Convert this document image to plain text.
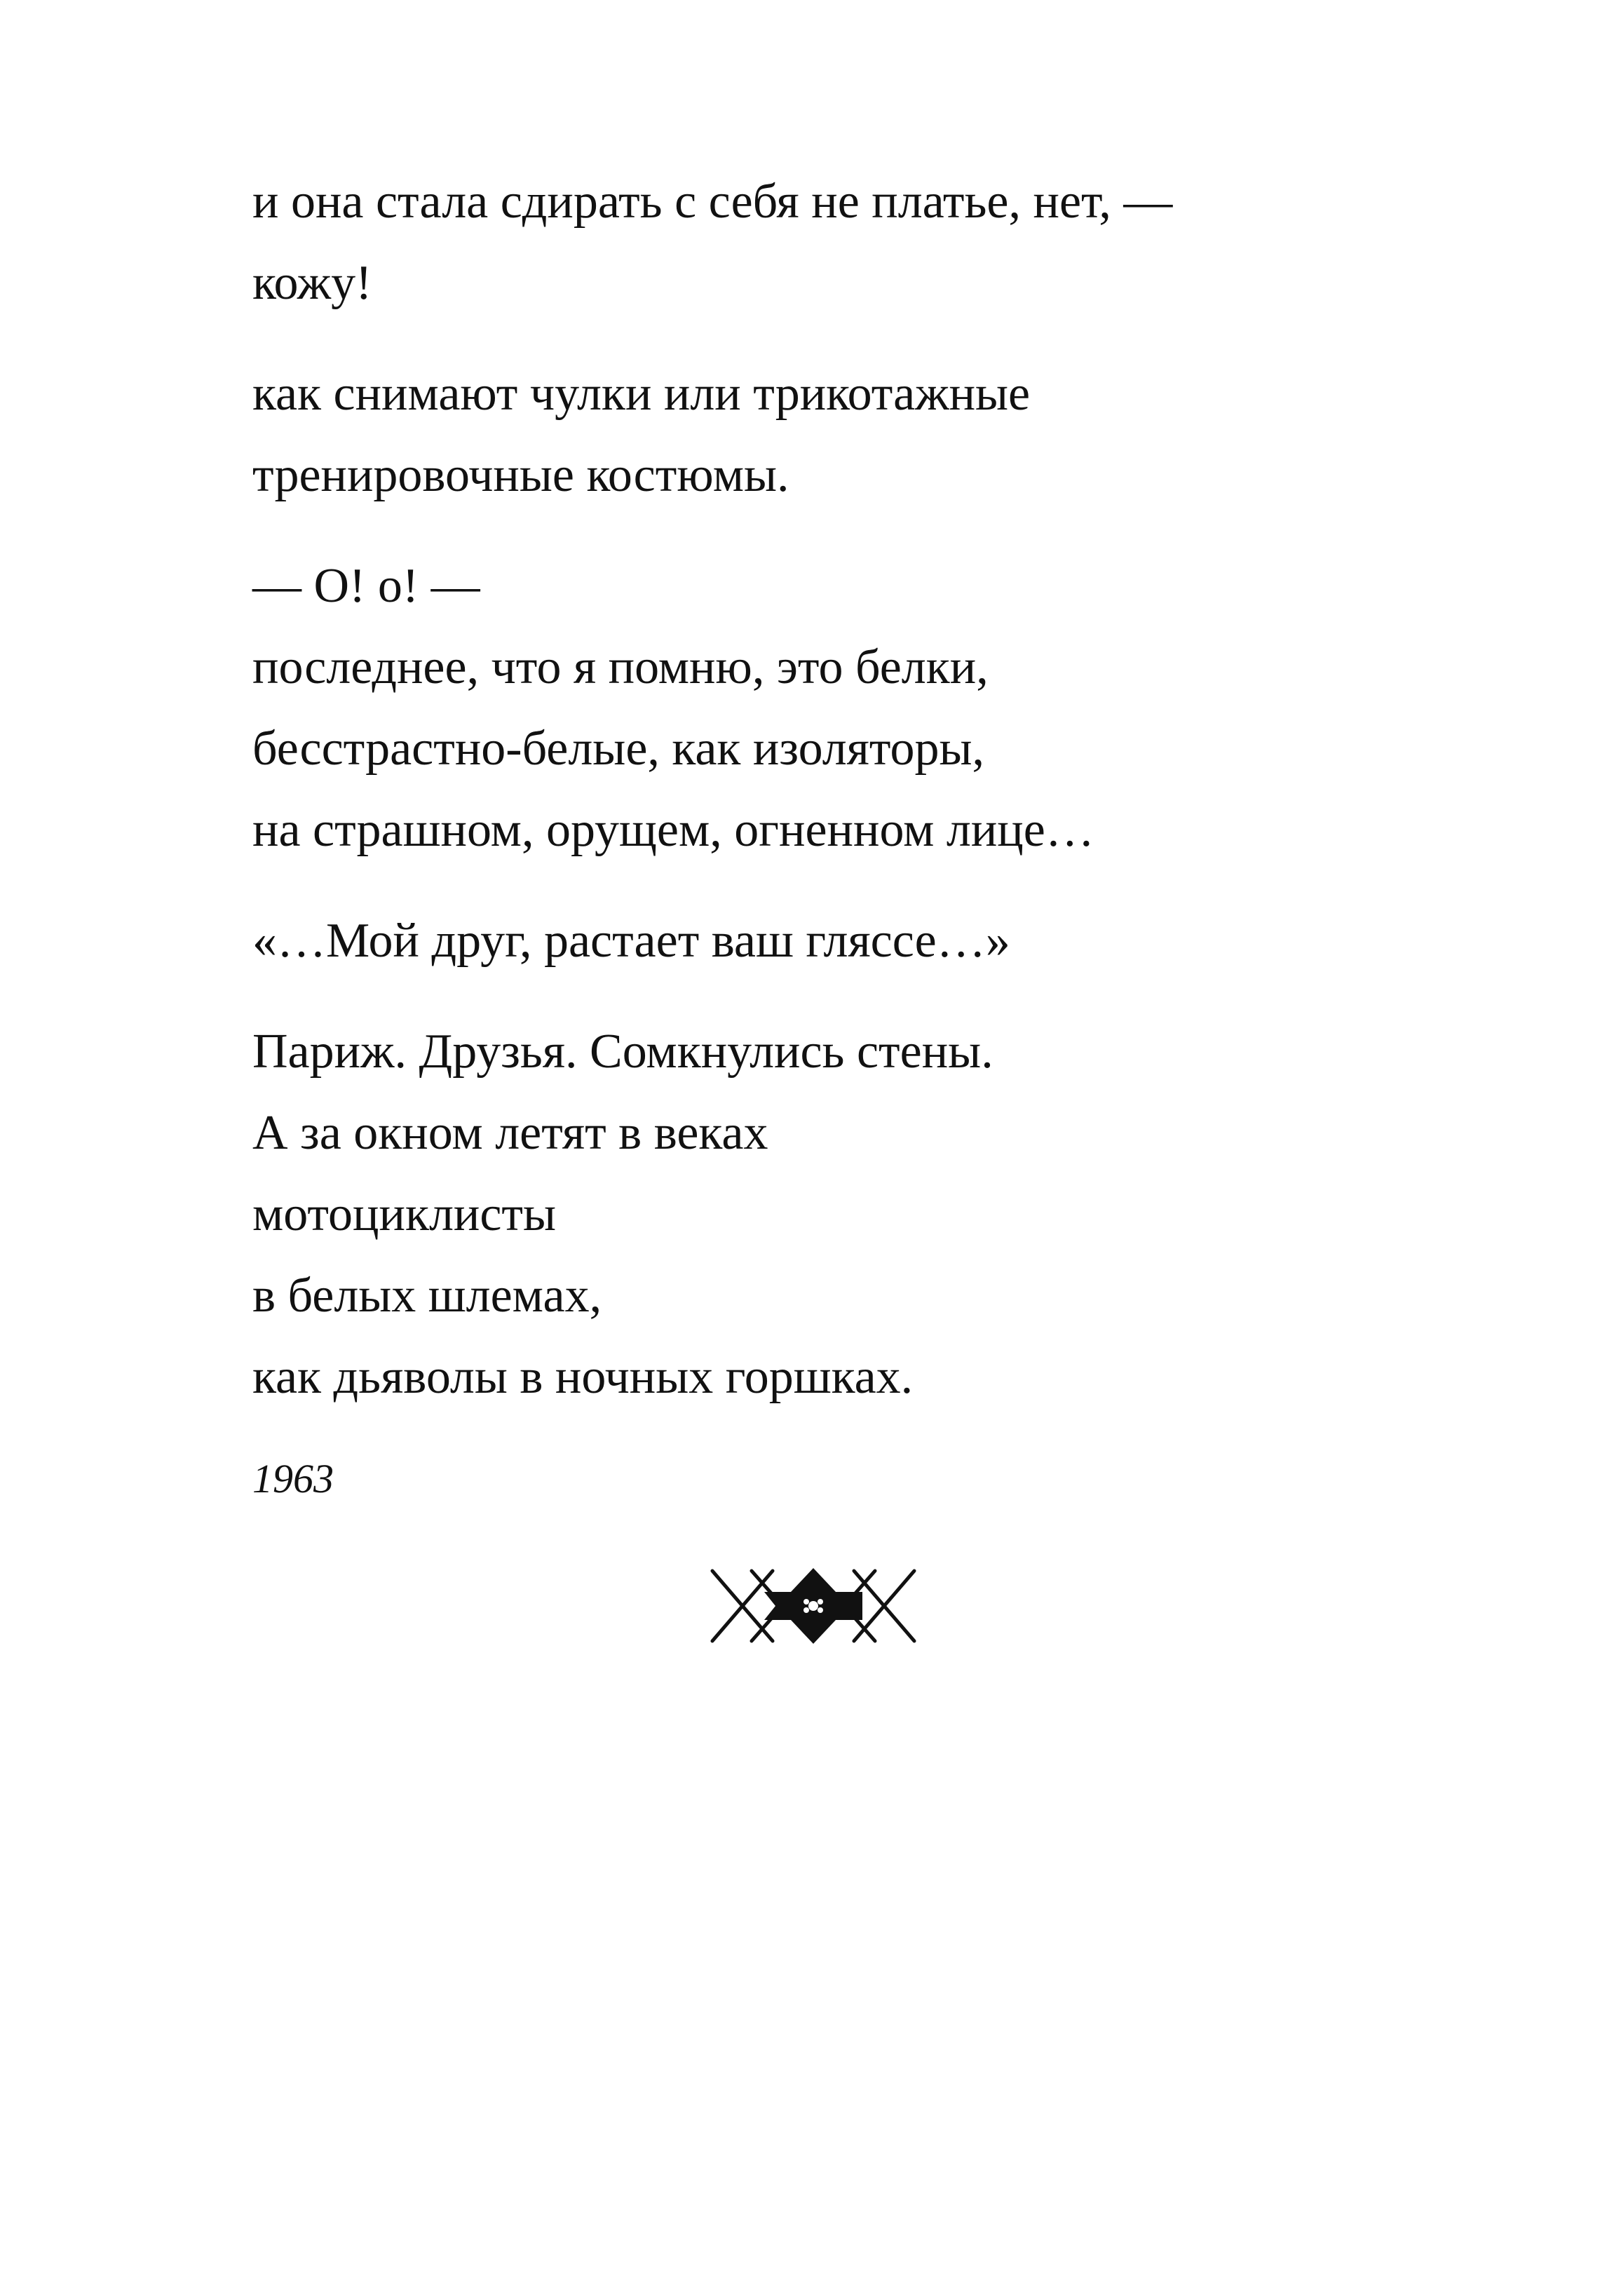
и она стала сдирать с себя не платье, нет, —
кожу!
как снимают чулки или трикотажные
тренировочные костюмы.
— О! о! —
последнее, что я помню, это белки,
бесстрастно-белые, как изоляторы,
на страшном, орущем, огненном лице…
«…Мой друг, растает ваш гляссе…»
Париж. Друзья. Сомкнулись стены.
А за окном летят в веках
мотоциклисты
в белых шлемах,
как дьяволы в ночных горшках.
1963
